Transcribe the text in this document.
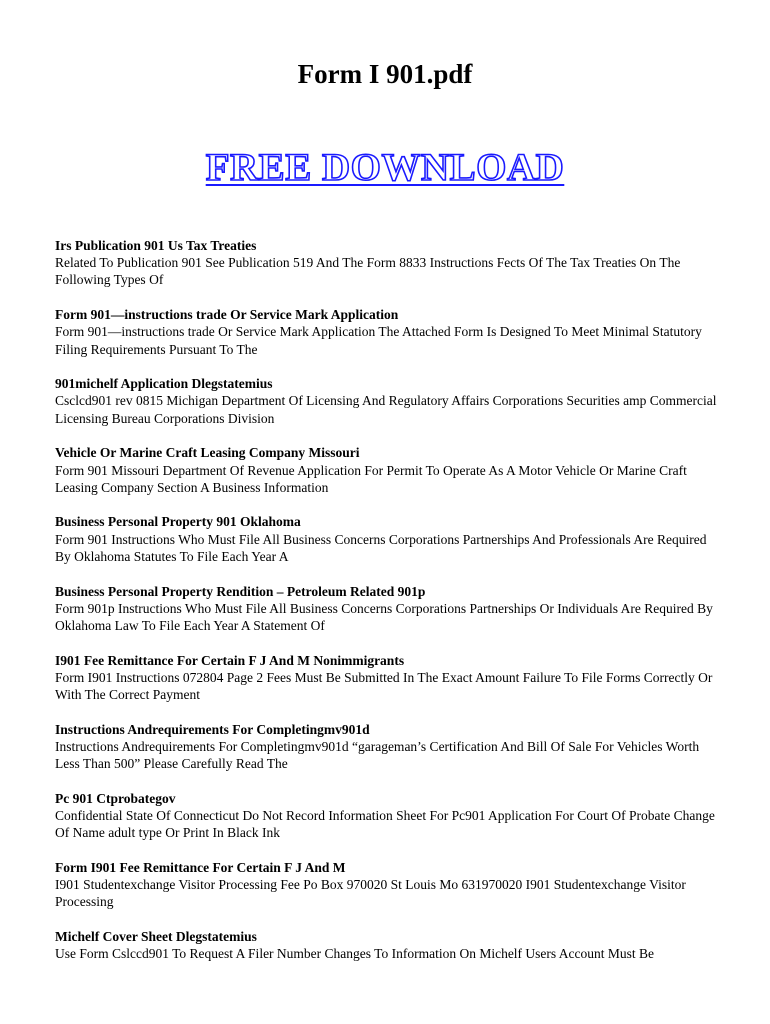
Form I 901.pdf
FREE DOWNLOAD

Irs Publication 901 Us Tax Treaties

Related To Publication 901 See Publication 519 And The Form 8833 Instructions Fects Of The Tax Treaties On The Following Types Of

Form 901—instructions trade Or Service Mark Application

Form 901—instructions trade Or Service Mark Application The Attached Form Is Designed To Meet Minimal Statutory Filing Requirements Pursuant To The

901michelf Application Dlegstatemius

Csclcd901 rev 0815 Michigan Department Of Licensing And Regulatory Affairs Corporations Securities amp Commercial Licensing Bureau Corporations Division

Vehicle Or Marine Craft Leasing Company Missouri

Form 901 Missouri Department Of Revenue Application For Permit To Operate As A Motor Vehicle Or Marine Craft Leasing Company Section A Business Information

Business Personal Property 901 Oklahoma

Form 901 Instructions Who Must File All Business Concerns Corporations Partnerships And Professionals Are Required By Oklahoma Statutes To File Each Year A

Business Personal Property Rendition – Petroleum Related 901p

Form 901p Instructions Who Must File All Business Concerns Corporations Partnerships Or Individuals Are Required By Oklahoma Law To File Each Year A Statement Of

I901 Fee Remittance For Certain F J And M Nonimmigrants

Form I901 Instructions 072804 Page 2 Fees Must Be Submitted In The Exact Amount Failure To File Forms Correctly Or With The Correct Payment

Instructions Andrequirements For Completingmv901d

Instructions Andrequirements For Completingmv901d “garageman’s Certification And Bill Of Sale For Vehicles Worth Less Than 500” Please Carefully Read The

Pc 901 Ctprobategov

Confidential State Of Connecticut Do Not Record Information Sheet For Pc901 Application For Court Of Probate Change Of Name adult type Or Print In Black Ink

Form I901 Fee Remittance For Certain F J And M

I901 Studentexchange Visitor Processing Fee Po Box 970020 St Louis Mo 631970020 I901 Studentexchange Visitor Processing

Michelf Cover Sheet Dlegstatemius

Use Form Cslccd901 To Request A Filer Number Changes To Information On Michelf Users Account Must Be
